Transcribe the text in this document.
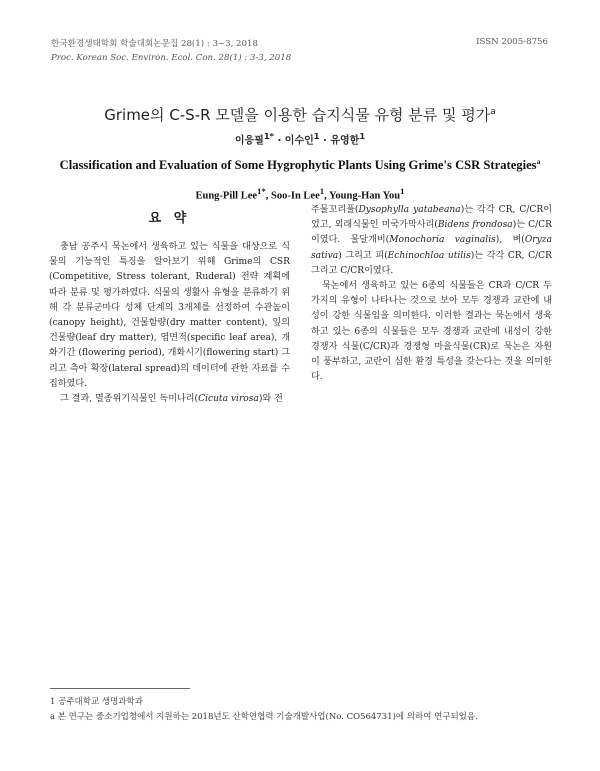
한국환경생태학회 학술대회논문집 28(1) : 3~3, 2018
Proc. Korean Soc. Environ. Ecol. Con. 28(1) : 3-3, 2018
ISSN 2005-8756
Grime의 C-S-R 모델을 이용한 습지식물 유형 분류 및 평가$^a$
이응필$^{1*}$ · 이수인$^1$ · 유영한$^1$
Classification and Evaluation of Some Hygrophytic Plants Using Grime's CSR Strategies$^a$
Eung-Pill Lee$^{1*}$, Soo-In Lee$^1$, Young-Han You$^1$
요 약

충남 공주시 묵논에서 생육하고 있는 식물을 대상으로 식물의 기능적인 특징을 알아보기 위해 Grime의 CSR (Competitive, Stress tolerant, Ruderal) 전략 계획에 따라 분류 및 평가하였다. 식물의 생활사 유형을 분류하기 위해 각 분류군마다 성체 단계의 3개체를 선정하여 수관높이 (canopy height), 건물함량(dry matter content), 잎의 건물량(leaf dry matter), 엽면적(specific leaf area), 개화기간 (flowering period), 개화시기(flowering start) 그리고 측아 확장(lateral spread)의 데이터에 관한 자료를 수집하였다.

그 결과, 멸종위기식물인 독미나리(Cicuta virosa)와 전

주물꼬리풀(Dysophylla yatabeana)는 각각 CR, C/CR이었고, 외래식물인 미국가막사리(Bidens frondosa)는 C/CR 이였다. 물달개비(Monochoria vaginalis), 벼(Oryza sativa) 그리고 피(Echinochloa utilis)는 각각 CR, C/CR 그리고 C/CR이였다.

묵논에서 생육하고 있는 6종의 식물들은 CR과 C/CR 두 가지의 유형이 나타나는 것으로 보아 모두 경쟁과 교란에 내성이 강한 식물임을 의미한다. 이러한 결과는 묵논에서 생육하고 있는 6종의 식물들은 모두 경쟁과 교란에 내성이 강한 경쟁자 식물(C/CR)과 경쟁형 마을식물(CR)로 묵논은 자원이 풍부하고, 교란이 심한 환경 특성을 갖는다는 것을 의미한다.

1 공주대학교 생명과학과
a 본 연구는 중소기업청에서 지원하는 2018년도 산학연협력 기술개발사업(No. CO564731)에 의하여 연구되었음.
